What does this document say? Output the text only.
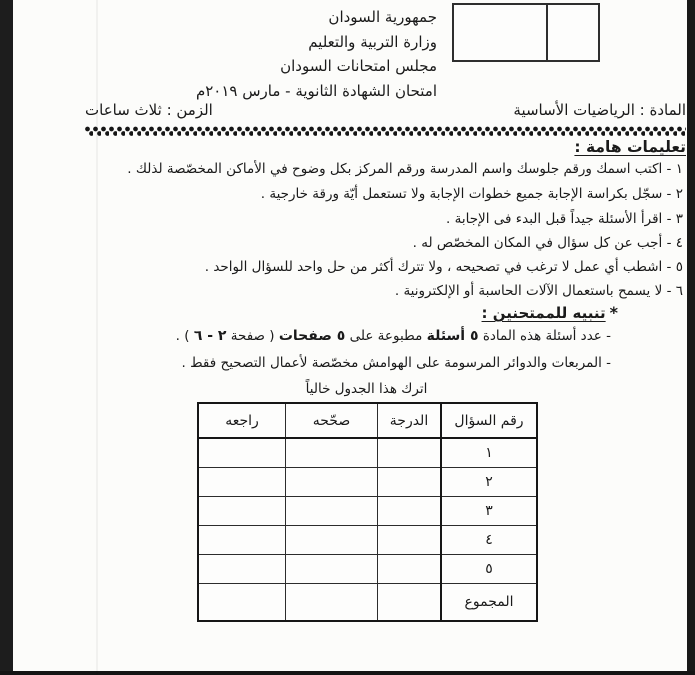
جمهورية السودان
وزارة التربية والتعليم
مجلس امتحانات السودان
امتحان الشهادة الثانوية - مارس ٢٠١٩م
المادة : الرياضيات الأساسية
الزمن : ثلاث ساعات
تعليمات هامة :
١ - اكتب اسمك ورقم جلوسك واسم المدرسة ورقم المركز بكل وضوح في الأماكن المخصّصة لذلك .
٢ - سجّل بكراسة الإجابة جميع خطوات الإجابة ولا تستعمل أيّة ورقة خارجية .
٣ - اقرأ الأسئلة جيداً قبل البدء فى الإجابة .
٤ - أجب عن كل سؤال في المكان المخصّص له .
٥ - اشطب أي عمل لا ترغب في تصحيحه ، ولا تترك أكثر من حل واحد للسؤال الواحد .
٦ - لا يسمح باستعمال الآلات الحاسبة أو الإلكترونية .
*تنبيه للممتحنين :
- عدد أسئلة هذه المادة ٥ أسئلة مطبوعة على ٥ صفحات ( صفحة ٢ - ٦ ) .
- المربعات والدوائر المرسومة على الهوامش مخصّصة لأعمال التصحيح فقط .
اترك هذا الجدول خالياً
رقم السؤال	الدرجة	صحّحه	راجعه
١			
٢			
٣			
٤			
٥			
المجموع			
